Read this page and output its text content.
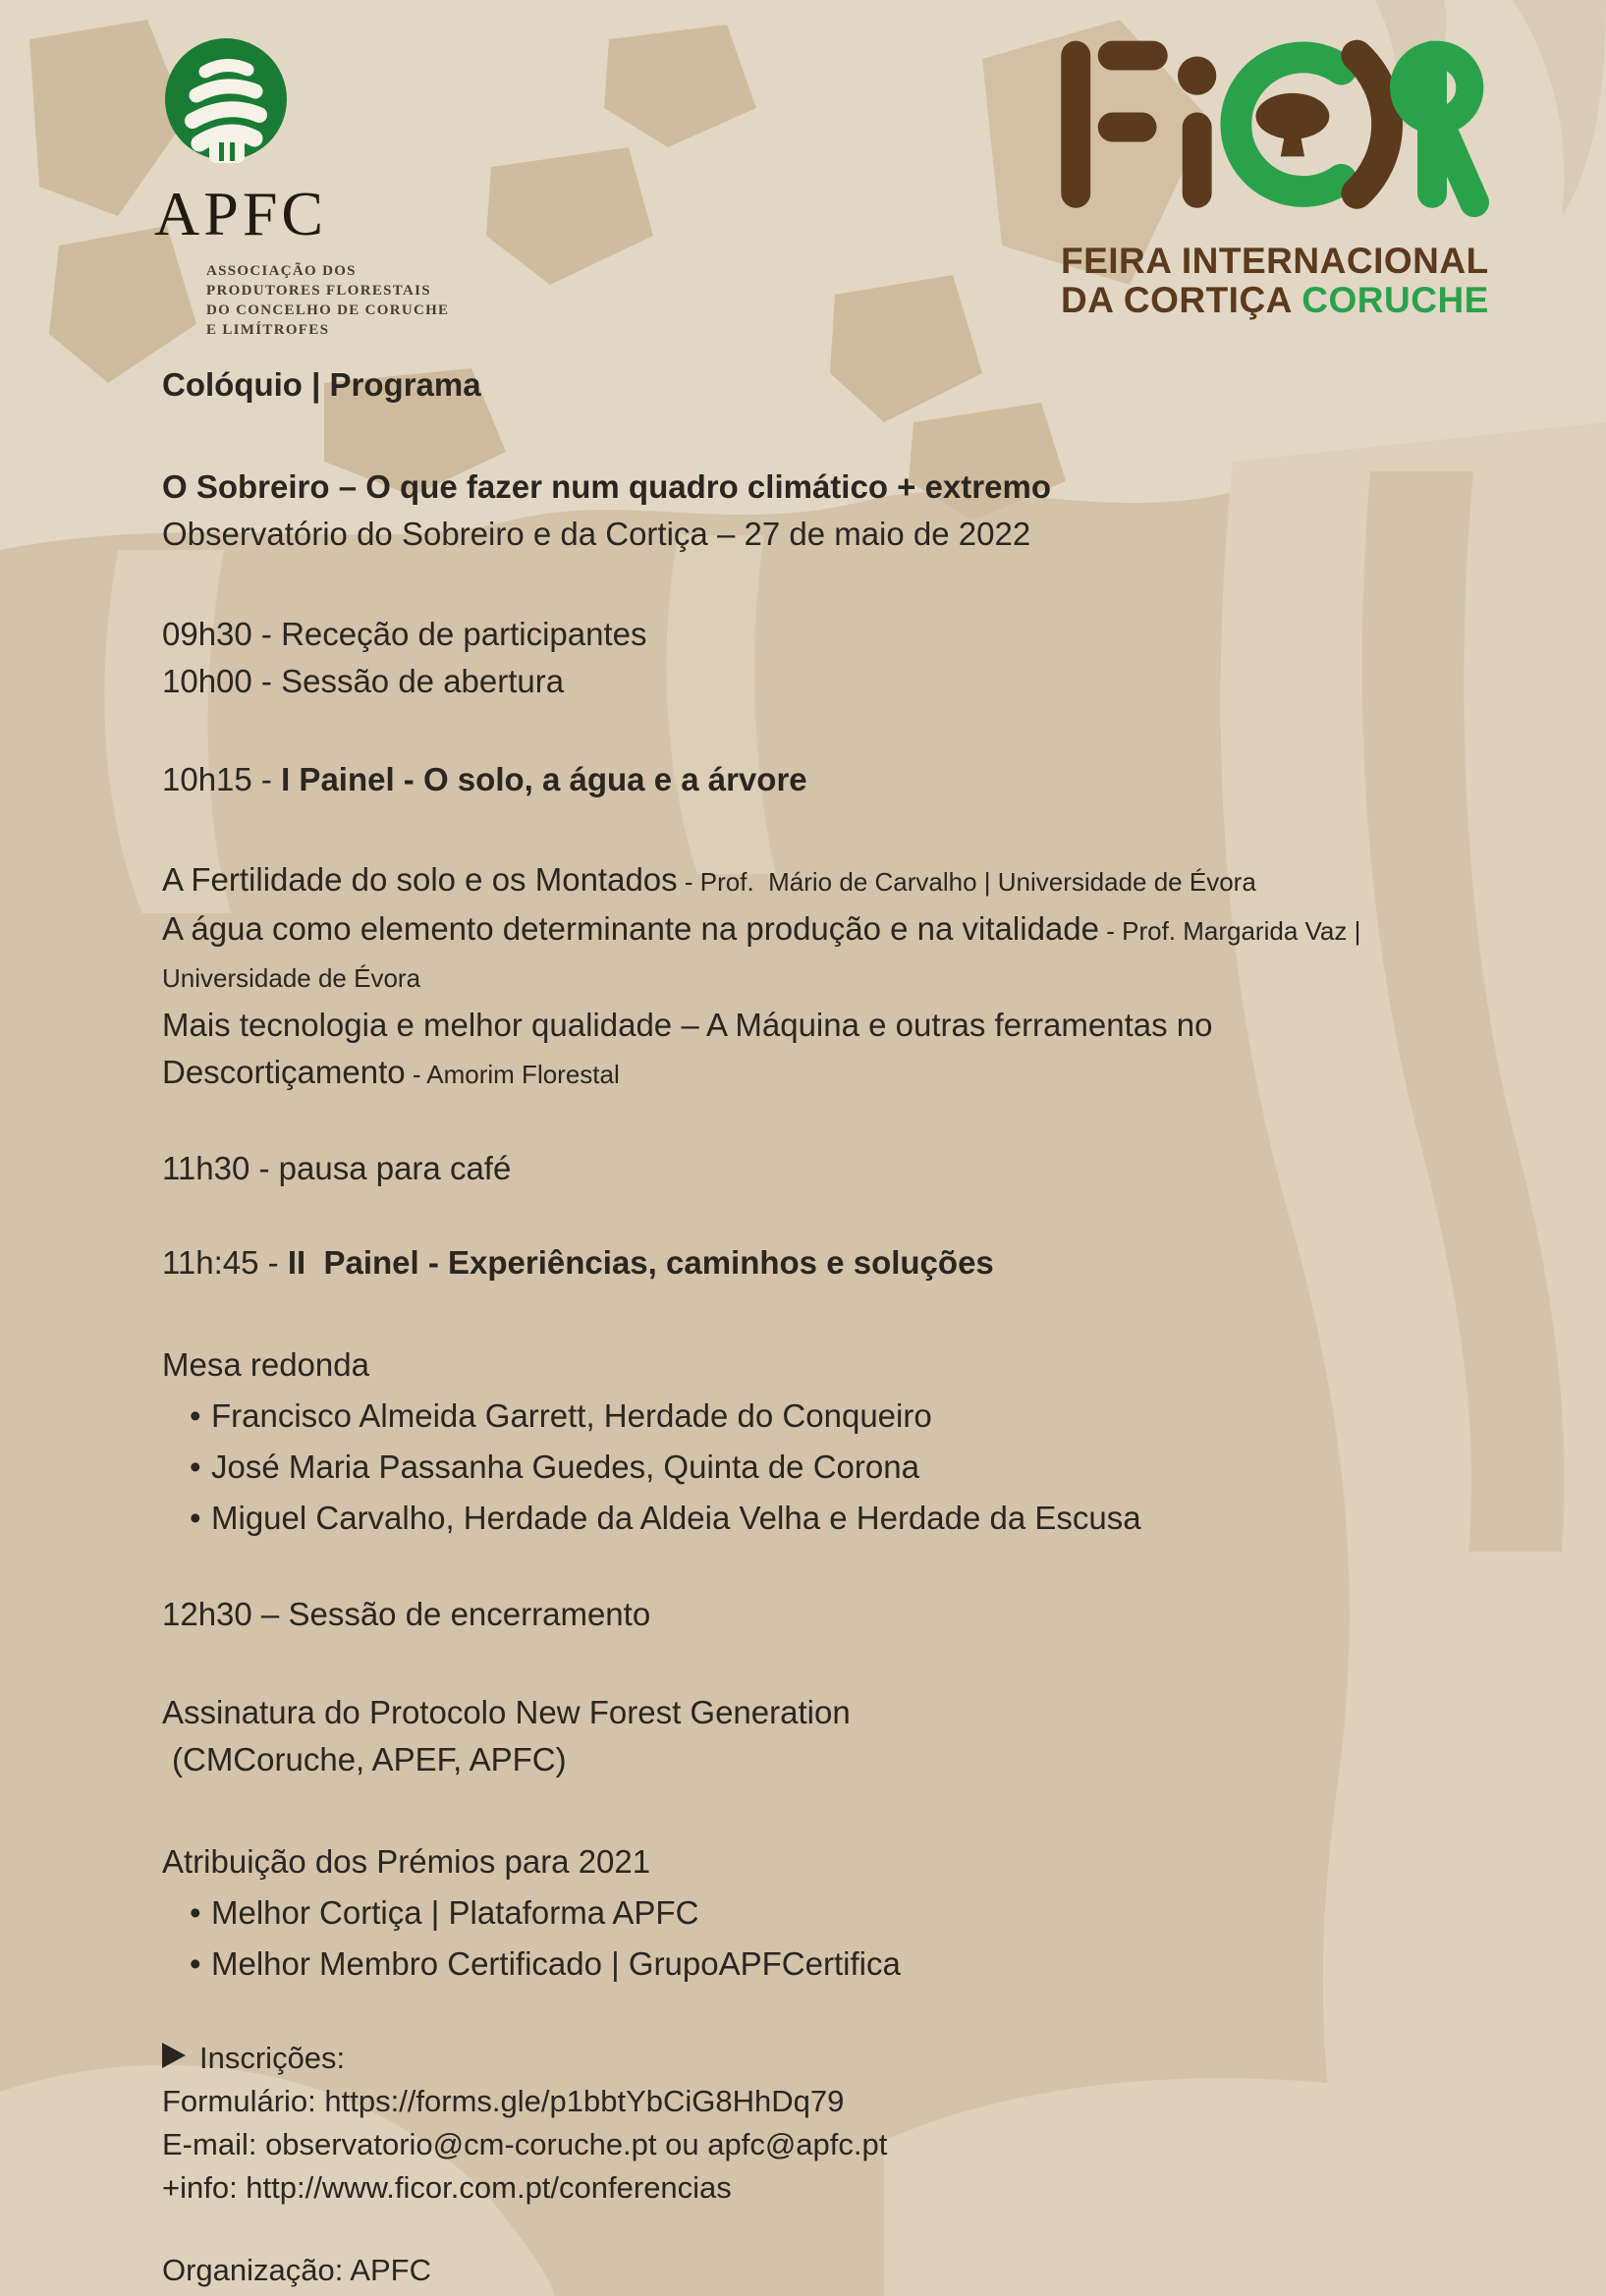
APFC
ASSOCIAÇÃO DOS
PRODUTORES FLORESTAIS
DO CONCELHO DE CORUCHE
E LIMÍTROFES
FEIRA INTERNACIONAL
DA CORTIÇA CORUCHE
Colóquio | Programa
O Sobreiro – O que fazer num quadro climático + extremo
Observatório do Sobreiro e da Cortiça – 27 de maio de 2022
09h30 - Receção de participantes
10h00 - Sessão de abertura
10h15 - I Painel - O solo, a água e a árvore
A Fertilidade do solo e os Montados - Prof.  Mário de Carvalho | Universidade de Évora
A água como elemento determinante na produção e na vitalidade - Prof. Margarida Vaz |
Universidade de Évora
Mais tecnologia e melhor qualidade – A Máquina e outras ferramentas no
Descortiçamento - Amorim Florestal
11h30 - pausa para café
11h:45 - II  Painel - Experiências, caminhos e soluções
Mesa redonda
• Francisco Almeida Garrett, Herdade do Conqueiro
• José Maria Passanha Guedes, Quinta de Corona
• Miguel Carvalho, Herdade da Aldeia Velha e Herdade da Escusa
12h30 – Sessão de encerramento
Assinatura do Protocolo New Forest Generation
(CMCoruche, APEF, APFC)
Atribuição dos Prémios para 2021
• Melhor Cortiça | Plataforma APFC
• Melhor Membro Certificado | GrupoAPFCertifica
Inscrições:
Formulário: https://forms.gle/p1bbtYbCiG8HhDq79
E-mail: observatorio@cm-coruche.pt ou apfc@apfc.pt
+info: http://www.ficor.com.pt/conferencias
Organização: APFC
